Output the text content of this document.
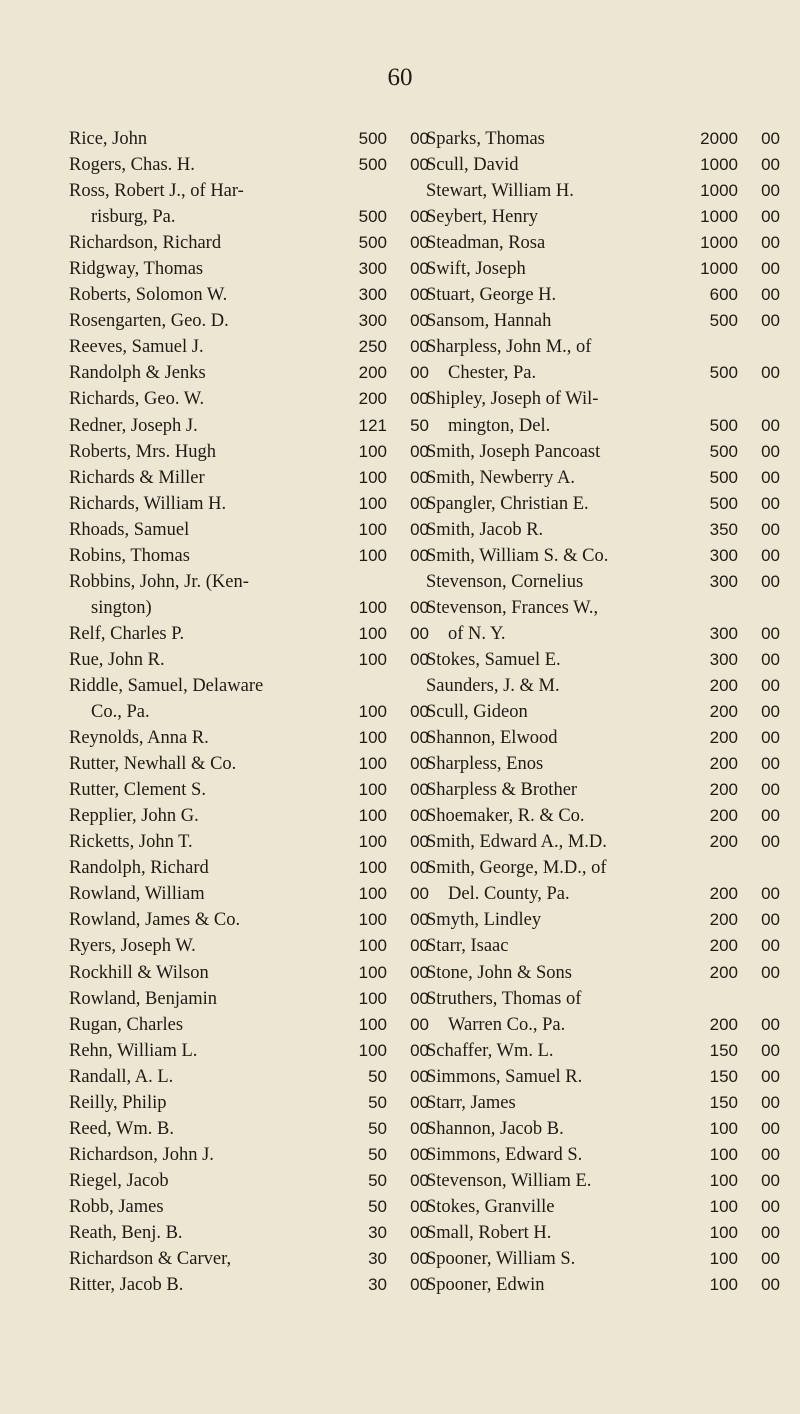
60
Rice, John	500	00
Rogers, Chas. H.	500	00
Ross, Robert J., of Har-
risburg, Pa.	500	00
Richardson, Richard	500	00
Ridgway, Thomas	300	00
Roberts, Solomon W.	300	00
Rosengarten, Geo. D.	300	00
Reeves, Samuel J.	250	00
Randolph & Jenks	200	00
Richards, Geo. W.	200	00
Redner, Joseph J.	121	50
Roberts, Mrs. Hugh	100	00
Richards & Miller	100	00
Richards, William H.	100	00
Rhoads, Samuel	100	00
Robins, Thomas	100	00
Robbins, John, Jr. (Ken-
sington)	100	00
Relf, Charles P.	100	00
Rue, John R.	100	00
Riddle, Samuel, Delaware
Co., Pa.	100	00
Reynolds, Anna R.	100	00
Rutter, Newhall & Co.	100	00
Rutter, Clement S.	100	00
Repplier, John G.	100	00
Ricketts, John T.	100	00
Randolph, Richard	100	00
Rowland, William	100	00
Rowland, James & Co.	100	00
Ryers, Joseph W.	100	00
Rockhill & Wilson	100	00
Rowland, Benjamin	100	00
Rugan, Charles	100	00
Rehn, William L.	100	00
Randall, A. L.	50	00
Reilly, Philip	50	00
Reed, Wm. B.	50	00
Richardson, John J.	50	00
Riegel, Jacob	50	00
Robb, James	50	00
Reath, Benj. B.	30	00
Richardson & Carver,	30	00
Ritter, Jacob B.	30	00
Sparks, Thomas	2000	00
Scull, David	1000	00
Stewart, William H.	1000	00
Seybert, Henry	1000	00
Steadman, Rosa	1000	00
Swift, Joseph	1000	00
Stuart, George H.	600	00
Sansom, Hannah	500	00
Sharpless, John M., of
Chester, Pa.	500	00
Shipley, Joseph of Wil-
mington, Del.	500	00
Smith, Joseph Pancoast	500	00
Smith, Newberry A.	500	00
Spangler, Christian E.	500	00
Smith, Jacob R.	350	00
Smith, William S. & Co.	300	00
Stevenson, Cornelius	300	00
Stevenson, Frances W.,
of N. Y.	300	00
Stokes, Samuel E.	300	00
Saunders, J. & M.	200	00
Scull, Gideon	200	00
Shannon, Elwood	200	00
Sharpless, Enos	200	00
Sharpless & Brother	200	00
Shoemaker, R. & Co.	200	00
Smith, Edward A., M.D.	200	00
Smith, George, M.D., of
Del. County, Pa.	200	00
Smyth, Lindley	200	00
Starr, Isaac	200	00
Stone, John & Sons	200	00
Struthers, Thomas of
Warren Co., Pa.	200	00
Schaffer, Wm. L.	150	00
Simmons, Samuel R.	150	00
Starr, James	150	00
Shannon, Jacob B.	100	00
Simmons, Edward S.	100	00
Stevenson, William E.	100	00
Stokes, Granville	100	00
Small, Robert H.	100	00
Spooner, William S.	100	00
Spooner, Edwin	100	00
